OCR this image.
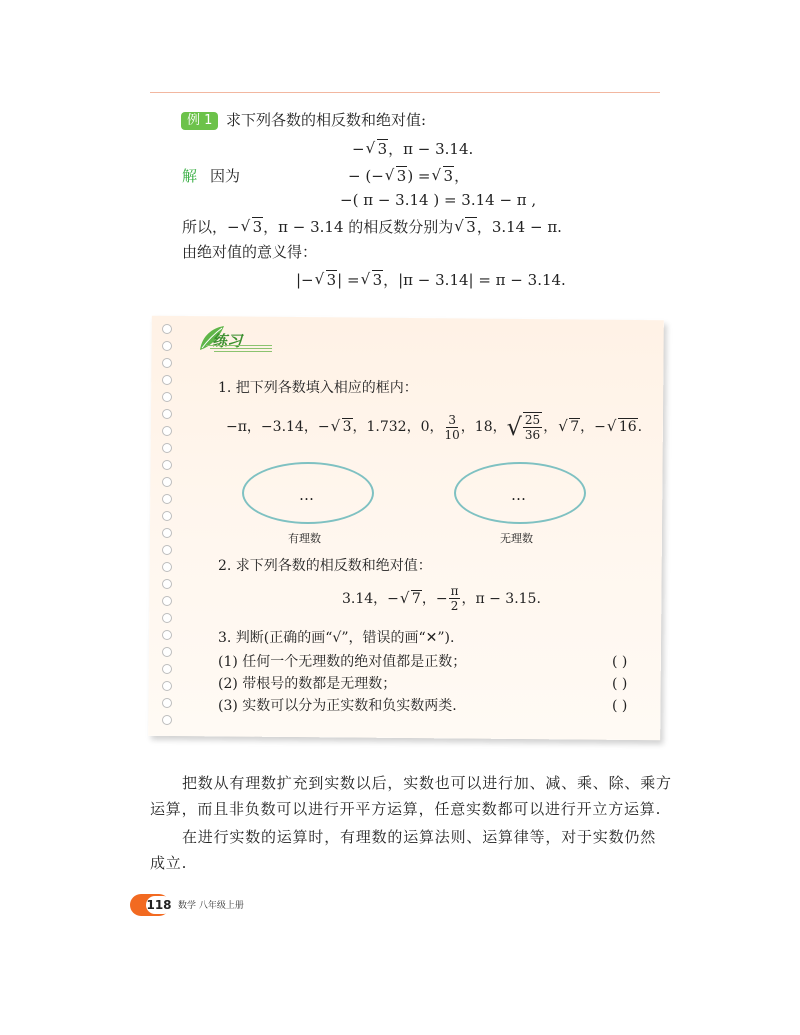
例 1 求下列各数的相反数和绝对值:
− √ 3，π − 3.14.
解 因为	− (− √ 3) = √ 3，
−( π − 3.14 ) = 3.14 − π ,
所以，− √ 3，π − 3.14 的相反数分别为 √ 3，3.14 − π.
由绝对值的意义得：
|− √ 3| = √ 3，|π − 3.14| = π − 3.14.
练习
1. 把下列各数填入相应的框内：
−π，−3.14，− √ 3 ，1.732，0， $\frac{3}{10}$ ，18， √ $\frac{25}{36}$ ， √ 7 ，− √ 16 .
…
有理数
…
无理数
2. 求下列各数的相反数和绝对值：
3.14，− √ 7 ，− $\frac{\pi}{2}$ ，π − 3.15.
3. 判断(正确的画“√”，错误的画“✕”).
(1) 任何一个无理数的绝对值都是正数；	( )
(2) 带根号的数都是无理数；	( )
(3) 实数可以分为正实数和负实数两类.	( )
把数从有理数扩充到实数以后，实数也可以进行加、减、乘、除、乘方
运算，而且非负数可以进行开平方运算，任意实数都可以进行开立方运算.
在进行实数的运算时，有理数的运算法则、运算律等，对于实数仍然
成立.
118 数学 八年级上册
